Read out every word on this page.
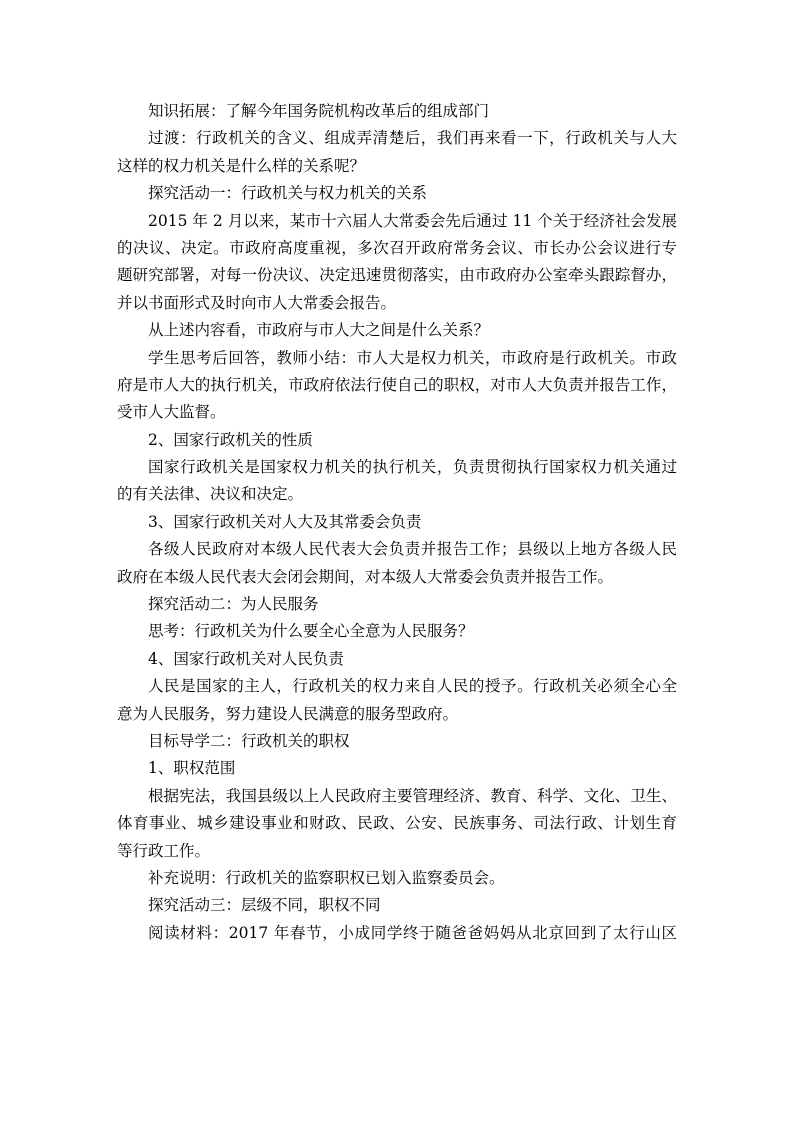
知识拓展：了解今年国务院机构改革后的组成部门
过渡：行政机关的含义、组成弄清楚后，我们再来看一下，行政机关与人大
这样的权力机关是什么样的关系呢？
探究活动一：行政机关与权力机关的关系
2015 年 2 月以来，某市十六届人大常委会先后通过 11 个关于经济社会发展
的决议、决定。市政府高度重视，多次召开政府常务会议、市长办公会议进行专
题研究部署，对每一份决议、决定迅速贯彻落实，由市政府办公室牵头跟踪督办，
并以书面形式及时向市人大常委会报告。
从上述内容看，市政府与市人大之间是什么关系？
学生思考后回答，教师小结：市人大是权力机关，市政府是行政机关。市政
府是市人大的执行机关，市政府依法行使自己的职权，对市人大负责并报告工作，
受市人大监督。
2、国家行政机关的性质
国家行政机关是国家权力机关的执行机关，负责贯彻执行国家权力机关通过
的有关法律、决议和决定。
3、国家行政机关对人大及其常委会负责
各级人民政府对本级人民代表大会负责并报告工作；县级以上地方各级人民
政府在本级人民代表大会闭会期间，对本级人大常委会负责并报告工作。
探究活动二：为人民服务
思考：行政机关为什么要全心全意为人民服务？
4、国家行政机关对人民负责
人民是国家的主人，行政机关的权力来自人民的授予。行政机关必须全心全
意为人民服务，努力建设人民满意的服务型政府。
目标导学二：行政机关的职权
1、职权范围
根据宪法，我国县级以上人民政府主要管理经济、教育、科学、文化、卫生、
体育事业、城乡建设事业和财政、民政、公安、民族事务、司法行政、计划生育
等行政工作。
补充说明：行政机关的监察职权已划入监察委员会。
探究活动三：层级不同，职权不同
阅读材料：2017 年春节，小成同学终于随爸爸妈妈从北京回到了太行山区
